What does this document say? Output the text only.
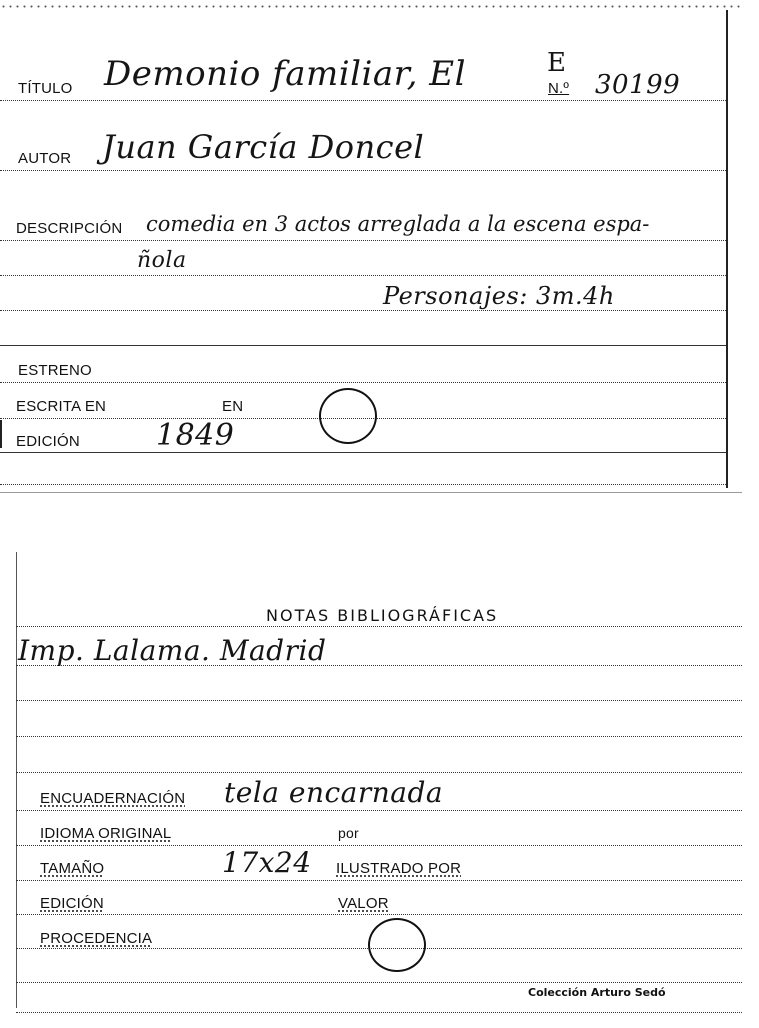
TÍTULO Demonio familiar, El	E
N.º 30199
AUTOR Juan García Doncel
DESCRIPCIÓN comedia en 3 actos arreglada a la escena espa-
ñola
Personajes: 3m.4h
ESTRENO
ESCRITA EN	EN
EDICIÓN	1849
NOTAS BIBLIOGRÁFICAS
Imp. Lalama. Madrid
ENCUADERNACIÓN tela encarnada
IDIOMA ORIGINAL	por
TAMAÑO	17x24 ILUSTRADO POR
EDICIÓN	VALOR
PROCEDENCIA
Colección Arturo Sedó
